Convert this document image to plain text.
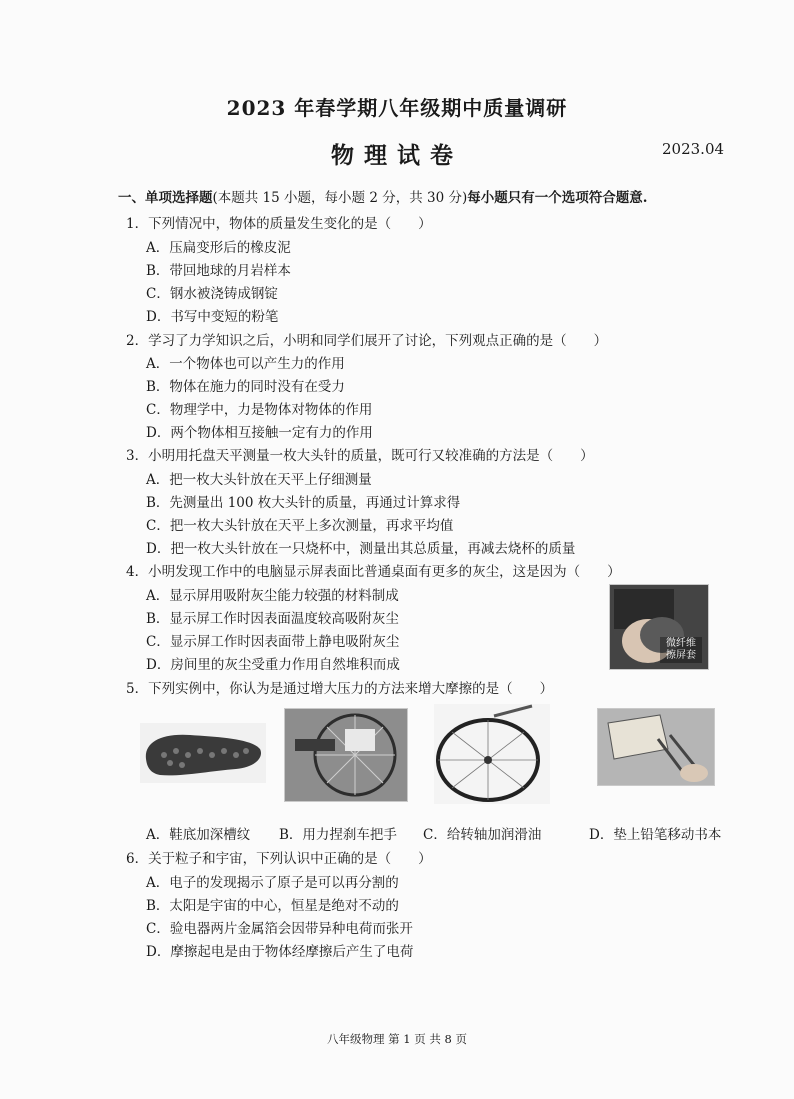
2023 年春学期八年级期中质量调研
物理试卷	2023.04
一、单项选择题(本题共 15 小题，每小题 2 分，共 30 分)每小题只有一个选项符合题意.
1．下列情况中，物体的质量发生变化的是（　　）
A．压扁变形后的橡皮泥
B．带回地球的月岩样本
C．钢水被浇铸成钢锭
D．书写中变短的粉笔
2．学习了力学知识之后，小明和同学们展开了讨论，下列观点正确的是（　　）
A．一个物体也可以产生力的作用
B．物体在施力的同时没有在受力
C．物理学中，力是物体对物体的作用
D．两个物体相互接触一定有力的作用
3．小明用托盘天平测量一枚大头针的质量，既可行又较准确的方法是（　　）
A．把一枚大头针放在天平上仔细测量
B．先测量出 100 枚大头针的质量，再通过计算求得
C．把一枚大头针放在天平上多次测量，再求平均值
D．把一枚大头针放在一只烧杯中，测量出其总质量，再减去烧杯的质量
4．小明发现工作中的电脑显示屏表面比普通桌面有更多的灰尘，这是因为（　　）
A．显示屏用吸附灰尘能力较强的材料制成
B．显示屏工作时因表面温度较高吸附灰尘
C．显示屏工作时因表面带上静电吸附灰尘
D．房间里的灰尘受重力作用自然堆积而成
微纤维擦屏套
5．下列实例中，你认为是通过增大压力的方法来增大摩擦的是（　　）
A．鞋底加深槽纹 B．用力捏刹车把手 C．给转轴加润滑油	D．垫上铅笔移动书本
6．关于粒子和宇宙，下列认识中正确的是（　　）
A．电子的发现揭示了原子是可以再分割的
B．太阳是宇宙的中心，恒星是绝对不动的
C．验电器两片金属箔会因带异种电荷而张开
D．摩擦起电是由于物体经摩擦后产生了电荷
八年级物理 第 1 页 共 8 页
